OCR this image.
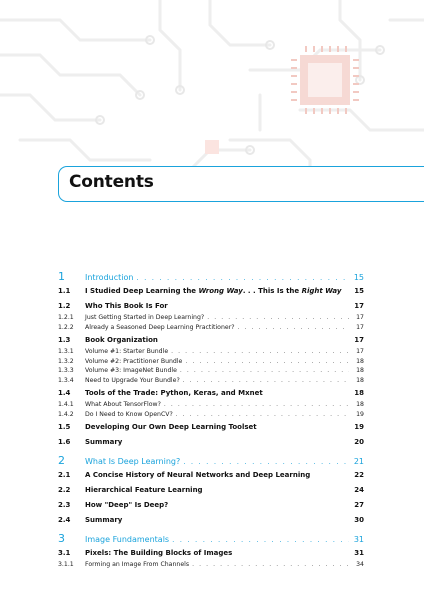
Contents
1	Introduction . . .	15
1.1	I Studied Deep Learning the Wrong Way. . . This Is the Right Way	15
1.2	Who This Book Is For	17
1.2.1	Just Getting Started in Deep Learning? . . .	17
1.2.2	Already a Seasoned Deep Learning Practitioner? . . .	17
1.3	Book Organization	17
1.3.1	Volume #1: Starter Bundle . . .	17
1.3.2	Volume #2: Practitioner Bundle . . .	18
1.3.3	Volume #3: ImageNet Bundle . . .	18
1.3.4	Need to Upgrade Your Bundle? . . .	18
1.4	Tools of the Trade: Python, Keras, and Mxnet	18
1.4.1	What About TensorFlow? . . .	18
1.4.2	Do I Need to Know OpenCV? . . .	19
1.5	Developing Our Own Deep Learning Toolset	19
1.6	Summary	20
2	What Is Deep Learning? . . .	21
2.1	A Concise History of Neural Networks and Deep Learning	22
2.2	Hierarchical Feature Learning	24
2.3	How "Deep" Is Deep?	27
2.4	Summary	30
3	Image Fundamentals . . .	31
3.1	Pixels: The Building Blocks of Images	31
3.1.1	Forming an Image From Channels . . .	34
